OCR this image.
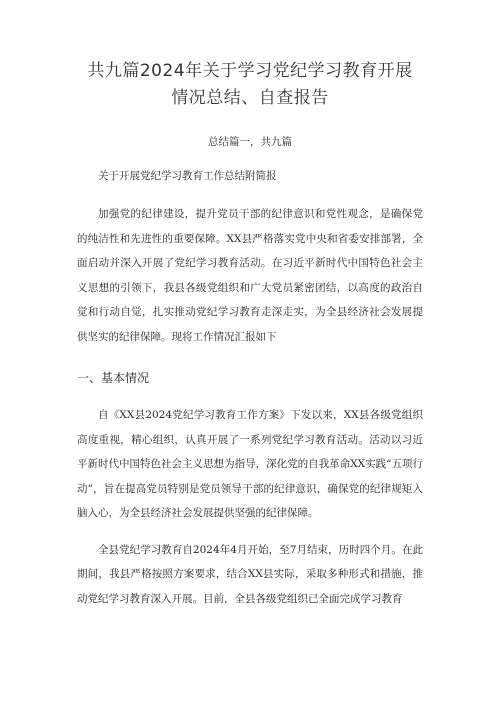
共九篇2024年关于学习党纪学习教育开展
情况总结、自查报告

总结篇一，共九篇

关于开展党纪学习教育工作总结附简报

加强党的纪律建设，提升党员干部的纪律意识和党性观念，是确保党的纯洁性和先进性的重要保障。XX县严格落实党中央和省委安排部署，全面启动并深入开展了党纪学习教育活动。在习近平新时代中国特色社会主义思想的引领下，我县各级党组织和广大党员紧密团结，以高度的政治自觉和行动自觉，扎实推动党纪学习教育走深走实，为全县经济社会发展提供坚实的纪律保障。现将工作情况汇报如下

一、基本情况

自《XX县2024党纪学习教育工作方案》下发以来，XX县各级党组织高度重视，精心组织，认真开展了一系列党纪学习教育活动。活动以习近平新时代中国特色社会主义思想为指导，深化党的自我革命XX实践“五项行动”，旨在提高党员特别是党员领导干部的纪律意识，确保党的纪律规矩入脑入心，为全县经济社会发展提供坚强的纪律保障。

全县党纪学习教育自2024年4月开始，至7月结束，历时四个月。在此期间，我县严格按照方案要求，结合XX县实际，采取多种形式和措施，推动党纪学习教育深入开展。目前，全县各级党组织已全面完成学习教育
